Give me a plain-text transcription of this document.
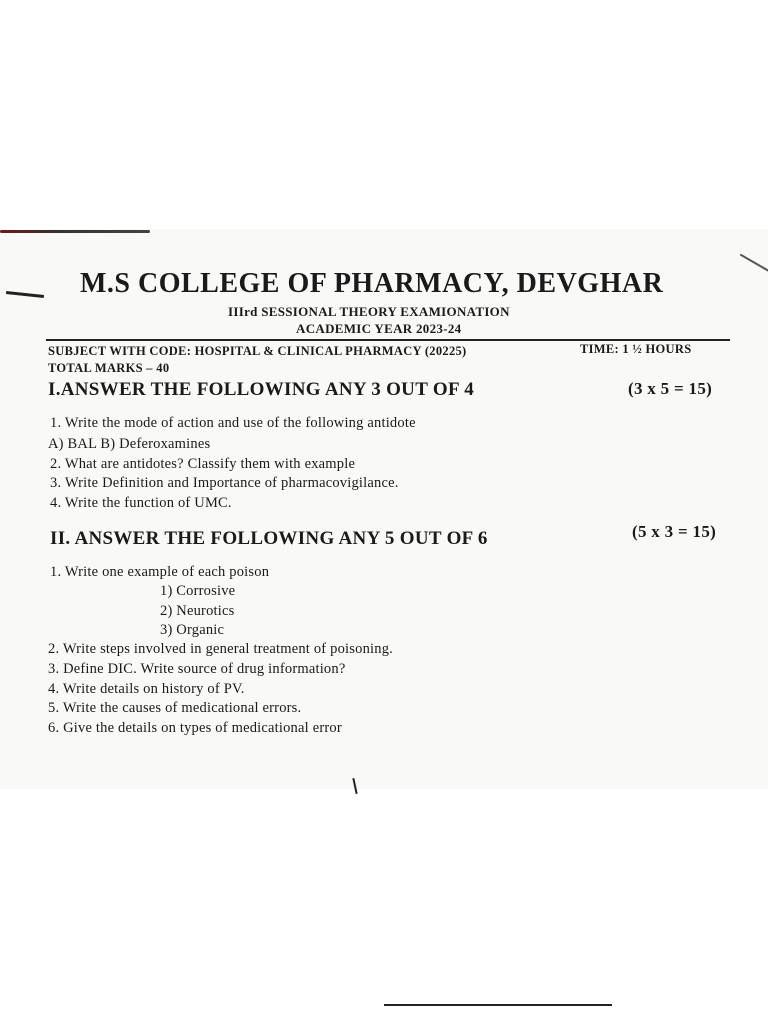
M.S COLLEGE OF PHARMACY, DEVGHAR
IIIrd SESSIONAL THEORY EXAMIONATION
ACADEMIC YEAR 2023-24
SUBJECT WITH CODE: HOSPITAL & CLINICAL PHARMACY (20225)	TIME: 1 ½ HOURS
TOTAL MARKS – 40
I.ANSWER THE FOLLOWING ANY 3 OUT OF 4	(3 x 5 = 15)
1. Write the mode of action and use of the following antidote
A) BAL B) Deferoxamines
2. What are antidotes? Classify them with example
3. Write Definition and Importance of pharmacovigilance.
4. Write the function of UMC.
II. ANSWER THE FOLLOWING ANY 5 OUT OF 6	(5 x 3 = 15)
1. Write one example of each poison
1) Corrosive
2) Neurotics
3) Organic
2. Write steps involved in general treatment of poisoning.
3. Define DIC. Write source of drug information?
4. Write details on history of PV.
5. Write the causes of medicational errors.
6. Give the details on types of medicational error
